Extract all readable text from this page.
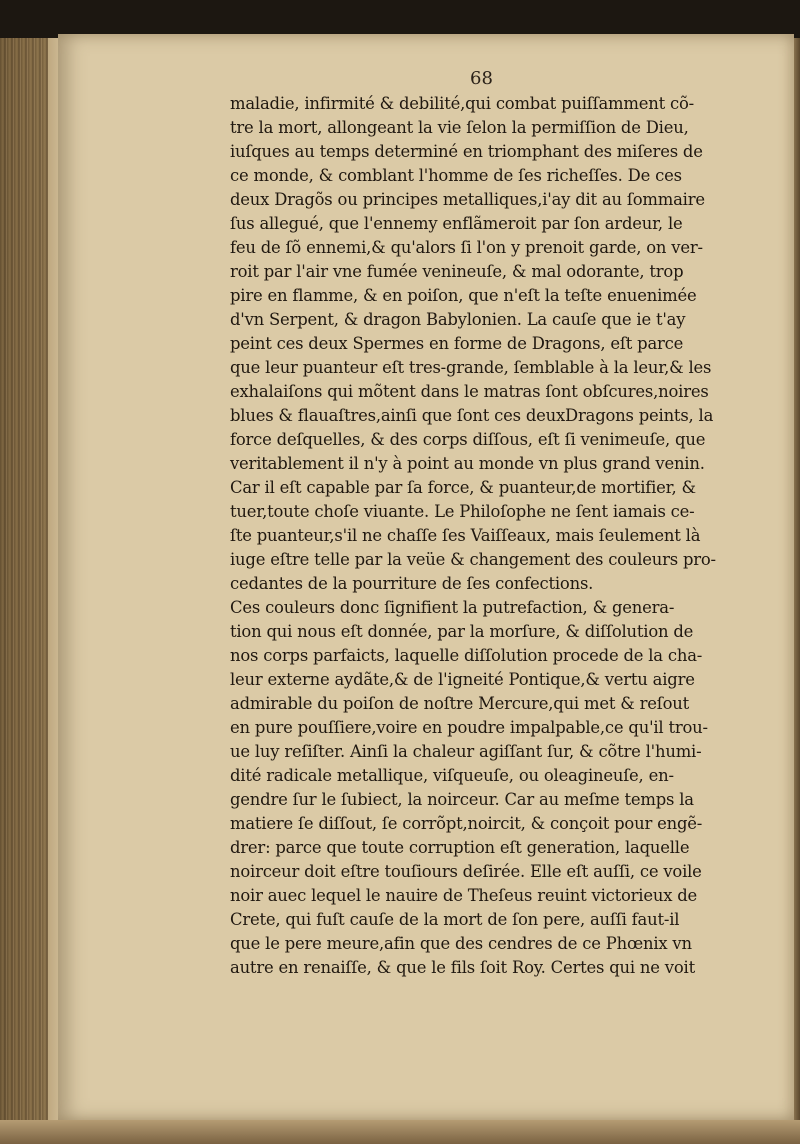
68
maladie, infirmité & debilité,qui combat puiſſamment cõ-
tre la mort, allongeant la vie ſelon la permiſſion de Dieu,
iuſques au temps determiné en triomphant des miſeres de
ce monde, & comblant l'homme de ſes richeſſes. De ces
deux Dragõs ou principes metalliques,i'ay dit au ſommaire
ſus allegué, que l'ennemy enflãmeroit par ſon ardeur, le
feu de ſõ ennemi,& qu'alors ſi l'on y prenoit garde, on ver-
roit par l'air vne fumée venineuſe, & mal odorante, trop
pire en flamme, & en poiſon, que n'eſt la teſte enuenimée
d'vn Serpent, & dragon Babylonien. La cauſe que ie t'ay
peint ces deux Spermes en forme de Dragons, eſt parce
que leur puanteur eſt tres-grande, ſemblable à la leur,& les
exhalaiſons qui mõtent dans le matras ſont obſcures,noires
blues & flauaſtres,ainſi que ſont ces deuxDragons peints, la
force deſquelles, & des corps diſſous, eſt ſi venimeuſe, que
veritablement il n'y à point au monde vn plus grand venin.
Car il eſt capable par ſa force, & puanteur,de mortifier, &
tuer,toute choſe viuante. Le Philoſophe ne ſent iamais ce-
ſte puanteur,s'il ne chaſſe ſes Vaiſſeaux, mais ſeulement là
iuge eſtre telle par la veüe & changement des couleurs pro-
cedantes de la pourriture de ſes confections.
Ces couleurs donc ſignifient la putrefaction, & genera-
tion qui nous eſt donnée, par la morſure, & diſſolution de
nos corps parfaicts, laquelle diſſolution procede de la cha-
leur externe aydãte,& de l'igneité Pontique,& vertu aigre
admirable du poiſon de noſtre Mercure,qui met & reſout
en pure pouſſiere,voire en poudre impalpable,ce qu'il trou-
ue luy reſiſter. Ainſi la chaleur agiſſant ſur, & cõtre l'humi-
dité radicale metallique, viſqueuſe, ou oleagineuſe, en-
gendre ſur le ſubiect, la noirceur. Car au meſme temps la
matiere ſe diſſout, ſe corrõpt,noircit, & conçoit pour engẽ-
drer: parce que toute corruption eſt generation, laquelle
noirceur doit eſtre touſiours deſirée. Elle eſt auſſi, ce voile
noir auec lequel le nauire de Theſeus reuint victorieux de
Crete, qui fuſt cauſe de la mort de ſon pere, auſſi faut-il
que le pere meure,afin que des cendres de ce Phœnix vn
autre en renaiſſe, & que le fils ſoit Roy. Certes qui ne voit
